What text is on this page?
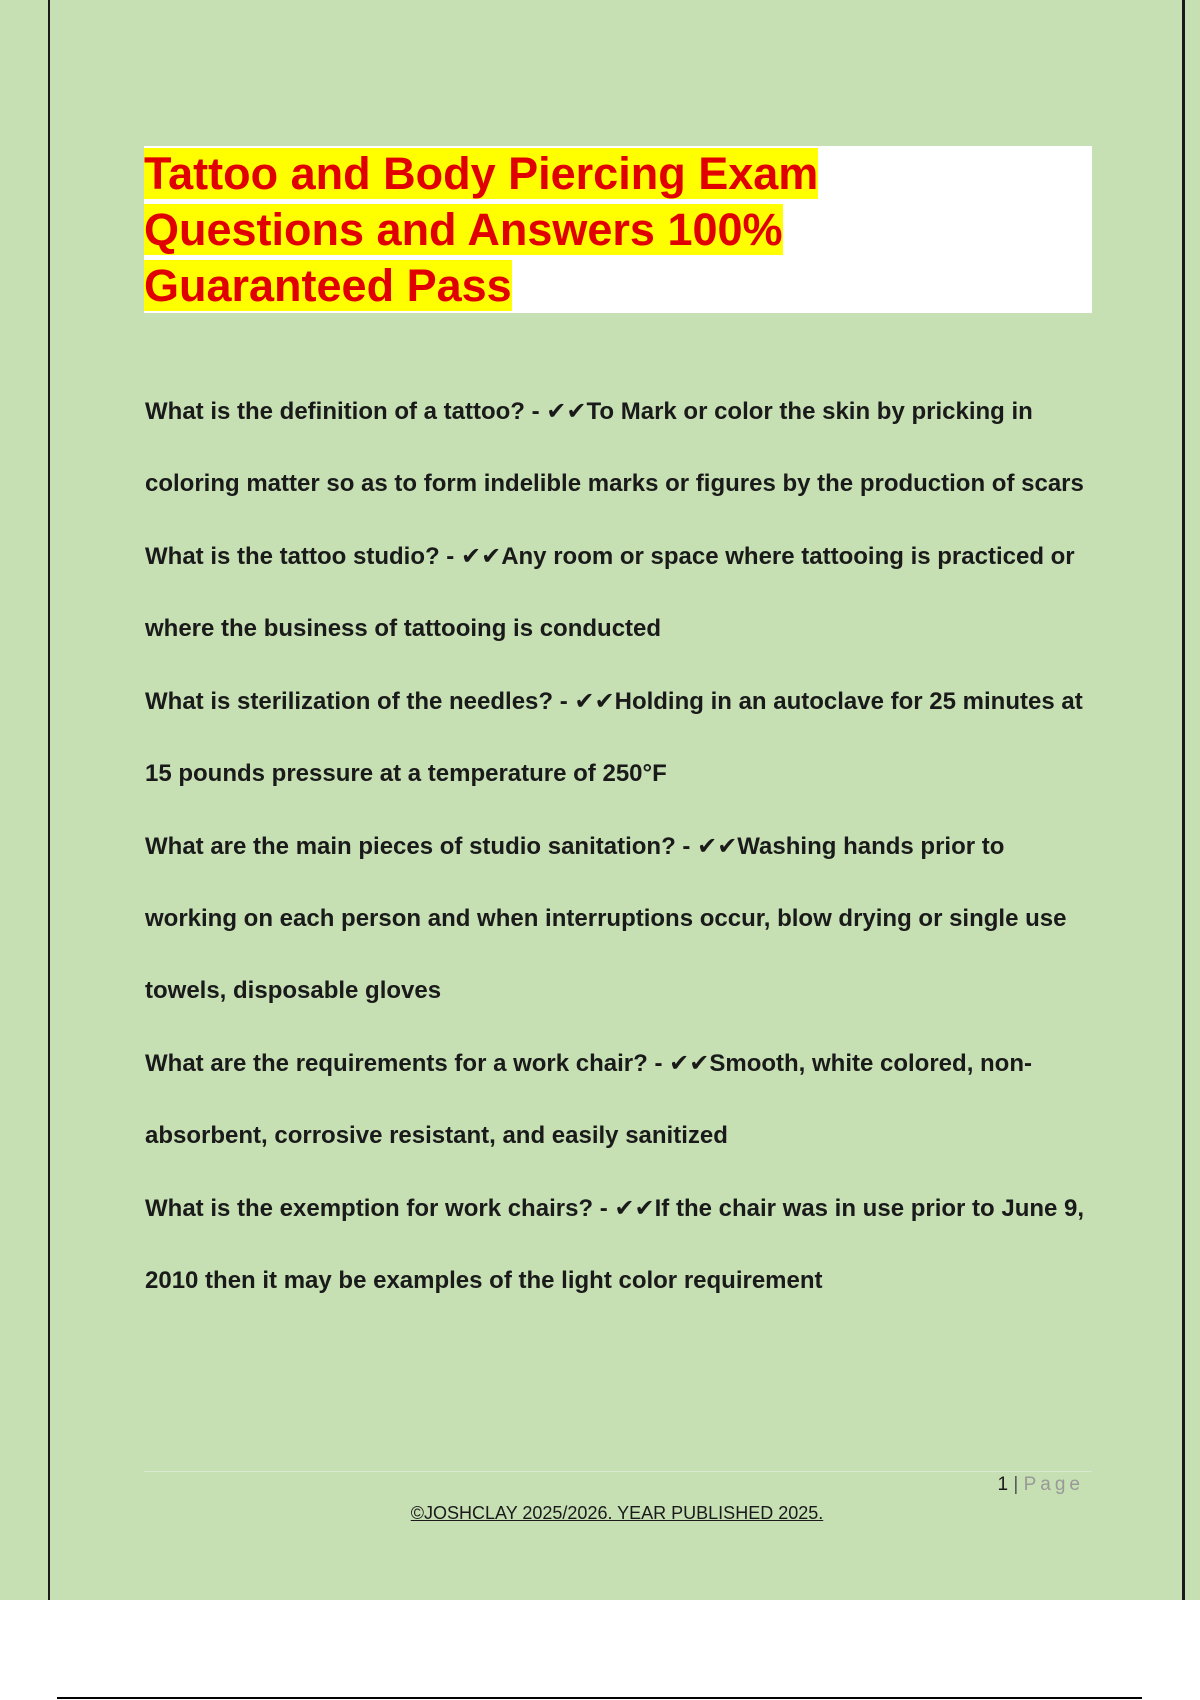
Tattoo and Body Piercing Exam
Questions and Answers 100%
Guaranteed Pass

What is the definition of a tattoo? - ✔✔To Mark or color the skin by pricking in coloring matter so as to form indelible marks or figures by the production of scars

What is the tattoo studio? - ✔✔Any room or space where tattooing is practiced or where the business of tattooing is conducted

What is sterilization of the needles? - ✔✔Holding in an autoclave for 25 minutes at 15 pounds pressure at a temperature of 250°F

What are the main pieces of studio sanitation? - ✔✔Washing hands prior to working on each person and when interruptions occur, blow drying or single use towels, disposable gloves

What are the requirements for a work chair? - ✔✔Smooth, white colored, non-absorbent, corrosive resistant, and easily sanitized

What is the exemption for work chairs? - ✔✔If the chair was in use prior to June 9, 2010 then it may be examples of the light color requirement

1 | Page
©JOSHCLAY 2025/2026. YEAR PUBLISHED 2025.
